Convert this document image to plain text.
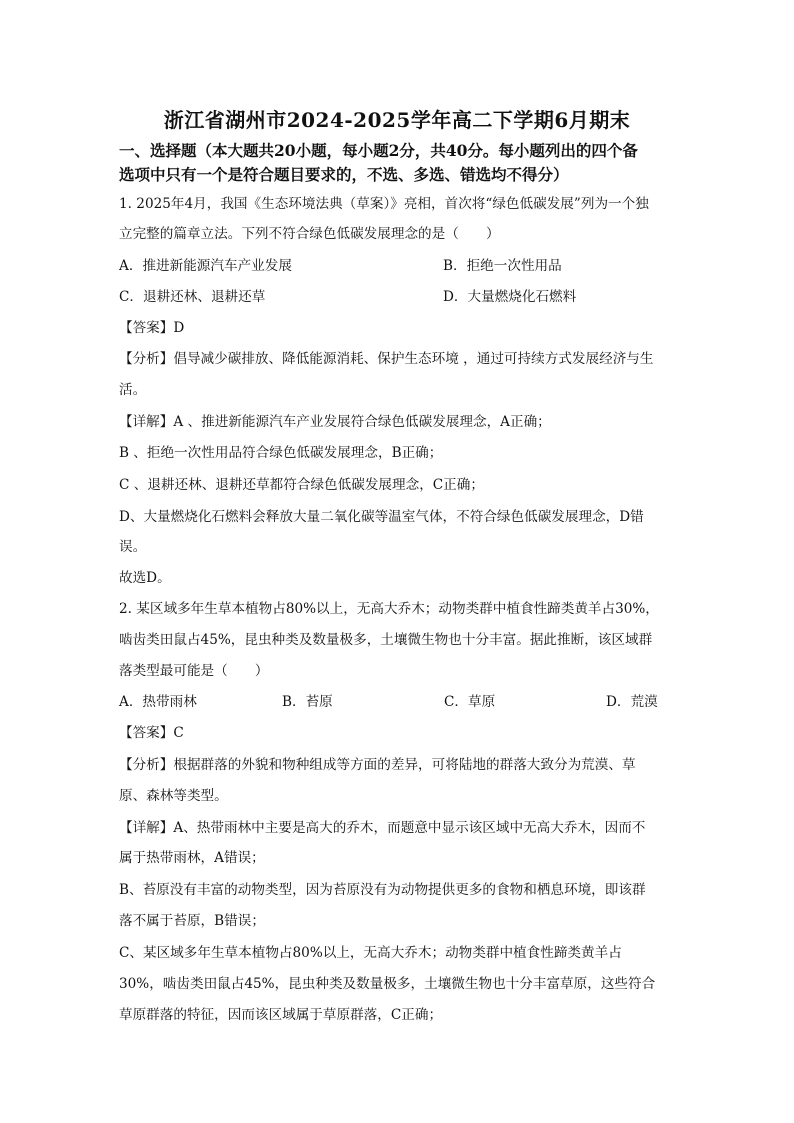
浙江省湖州市2024-2025学年高二下学期6月期末
一、选择题（本大题共20小题，每小题2分，共40分。每小题列出的四个备
选项中只有一个是符合题目要求的，不选、多选、错选均不得分）
1. 2025年4月，我国《生态环境法典（草案）》亮相，首次将“绿色低碳发展”列为一个独
立完整的篇章立法。下列不符合绿色低碳发展理念的是（　　）
A．推进新能源汽车产业发展	B．拒绝一次性用品
C．退耕还林、退耕还草	D．大量燃烧化石燃料
【答案】D
【分析】倡导减少碳排放、降低能源消耗、保护生态环境 ，通过可持续方式发展经济与生
活。
【详解】A 、推进新能源汽车产业发展符合绿色低碳发展理念，A正确；
B 、拒绝一次性用品符合绿色低碳发展理念，B正确；
C 、退耕还林、退耕还草都符合绿色低碳发展理念，C正确；
D、大量燃烧化石燃料会释放大量二氧化碳等温室气体，不符合绿色低碳发展理念，D错
误。
故选D。
2. 某区域多年生草本植物占80%以上，无高大乔木；动物类群中植食性蹄类黄羊占30%，
啮齿类田鼠占45%，昆虫种类及数量极多，土壤微生物也十分丰富。据此推断，该区域群
落类型最可能是（　　）
A．热带雨林	B．苔原	C．草原	D．荒漠
【答案】C
【分析】根据群落的外貌和物种组成等方面的差异，可将陆地的群落大致分为荒漠、草
原、森林等类型。
【详解】A、热带雨林中主要是高大的乔木，而题意中显示该区域中无高大乔木，因而不
属于热带雨林，A错误；
B、苔原没有丰富的动物类型，因为苔原没有为动物提供更多的食物和栖息环境，即该群
落不属于苔原，B错误；
C、某区域多年生草本植物占80%以上，无高大乔木；动物类群中植食性蹄类黄羊占
30%，啮齿类田鼠占45%，昆虫种类及数量极多，土壤微生物也十分丰富草原，这些符合
草原群落的特征，因而该区域属于草原群落，C正确；
